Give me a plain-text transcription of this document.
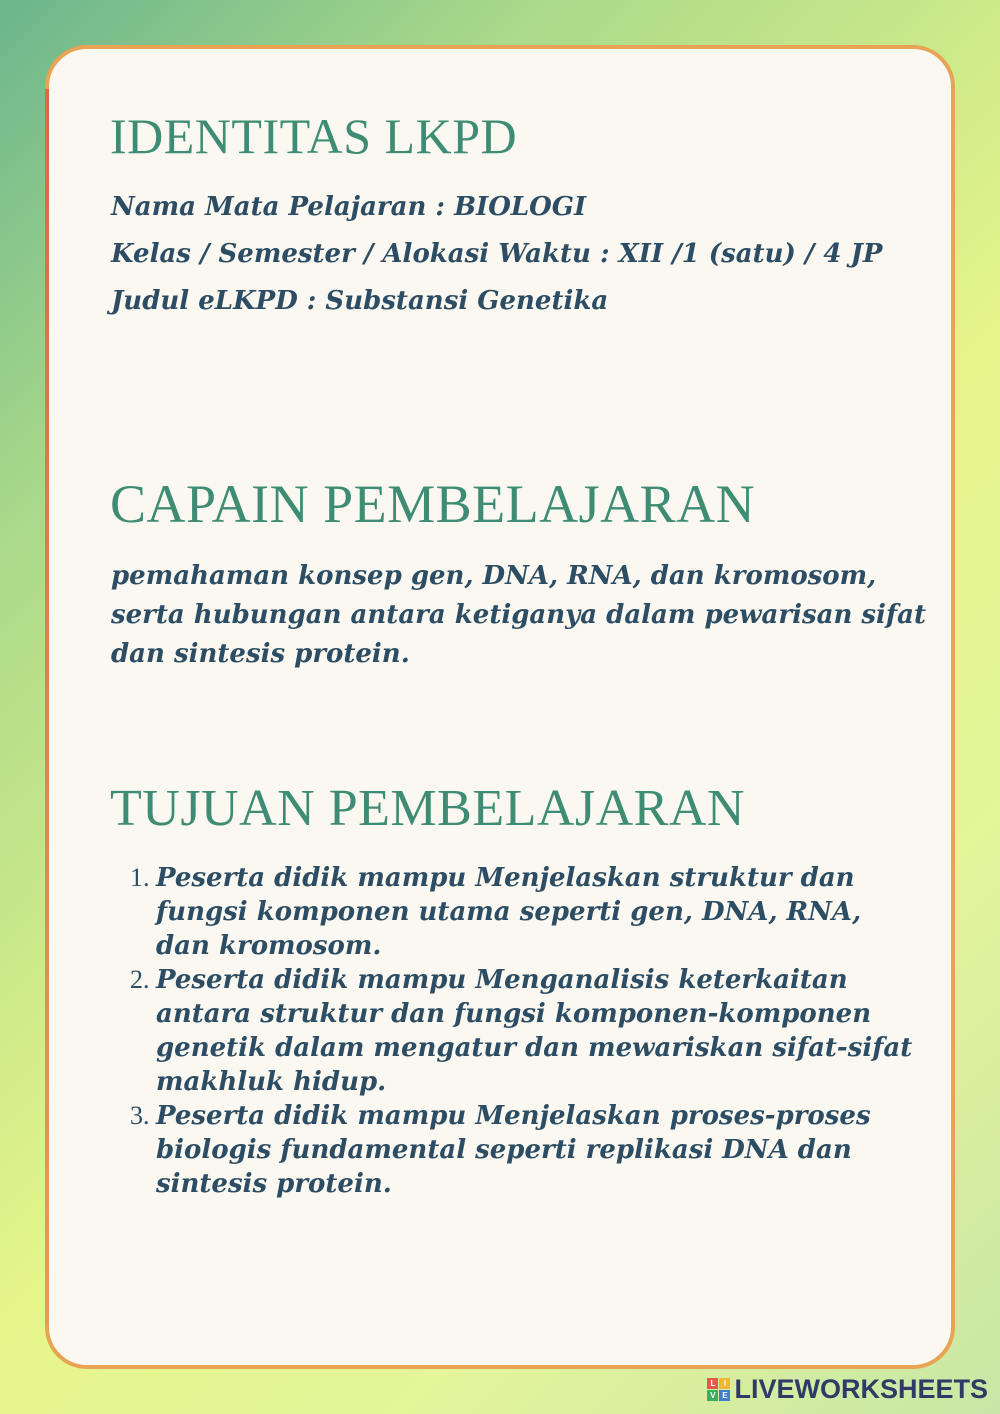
IDENTITAS LKPD
Nama Mata Pelajaran : BIOLOGI
Kelas / Semester / Alokasi Waktu : XII /1 (satu) / 4 JP
Judul eLKPD : Substansi Genetika
CAPAIN PEMBELAJARAN

pemahaman konsep gen, DNA, RNA, dan kromosom, serta hubungan antara ketiganya dalam pewarisan sifat dan sintesis protein.

TUJUAN PEMBELAJARAN
1. Peserta didik mampu Menjelaskan struktur dan fungsi komponen utama seperti gen, DNA, RNA, dan kromosom.
2. Peserta didik mampu Menganalisis keterkaitan antara struktur dan fungsi komponen-komponen genetik dalam mengatur dan mewariskan sifat-sifat makhluk hidup.
3. Peserta didik mampu Menjelaskan proses-proses biologis fundamental seperti replikasi DNA dan sintesis protein.
L	I
V E LIVEWORKSHEETS
